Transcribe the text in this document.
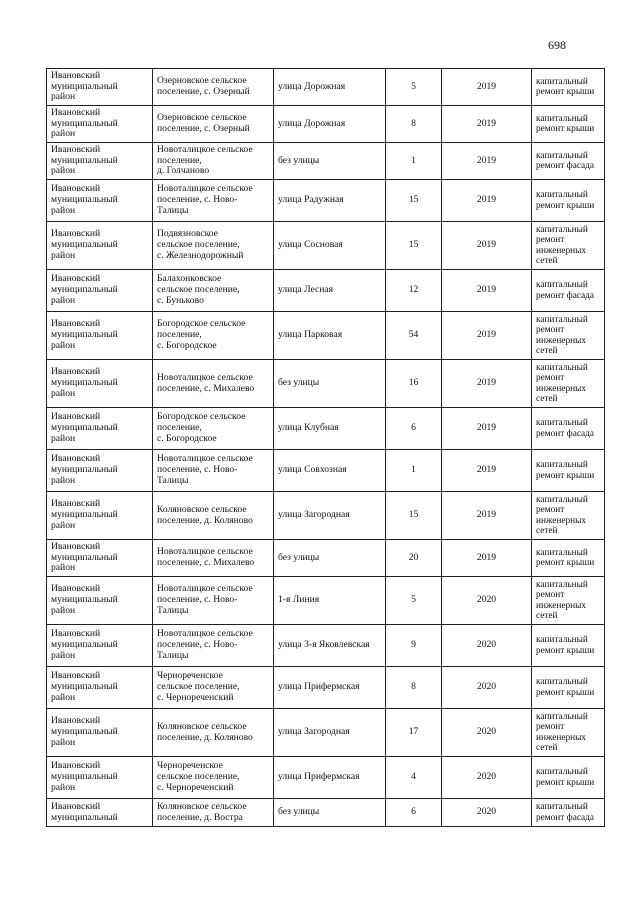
698
Ивановский
муниципальный
район	Озерновское сельское
поселение, с. Озерный	улица Дорожная	5	2019	капитальный
ремонт крыши

Ивановский
муниципальный
район	Озерновское сельское
поселение, с. Озерный	улица Дорожная	8	2019	капитальный
ремонт крыши

Ивановский
муниципальный
район	Новоталицкое сельское
поселение,
д. Голчаново	без улицы	1	2019	капитальный
ремонт фасада

Ивановский
муниципальный
район	Новоталицкое сельское
поселение, с. Ново-
Талицы	улица Радужная	15	2019	капитальный
ремонт крыши

Ивановский
муниципальный
район	Подвязновское
сельское поселение,
с. Железнодорожный	улица Сосновая	15	2019	капитальный
ремонт
инженерных
сетей

Ивановский
муниципальный
район	Балахонковское
сельское поселение,
с. Буньково	улица Лесная	12	2019	капитальный
ремонт фасада

Ивановский
муниципальный
район	Богородское сельское
поселение,
с. Богородское	улица Парковая	54	2019	капитальный
ремонт
инженерных
сетей

Ивановский
муниципальный
район	Новоталицкое сельское
поселение, с. Михалево	без улицы	16	2019	капитальный
ремонт
инженерных
сетей

Ивановский
муниципальный
район	Богородское сельское
поселение,
с. Богородское	улица Клубная	6	2019	капитальный
ремонт фасада

Ивановский
муниципальный
район	Новоталицкое сельское
поселение, с. Ново-
Талицы	улица Совхозная	1	2019	капитальный
ремонт крыши

Ивановский
муниципальный
район	Коляновское сельское
поселение, д. Коляново	улица Загородная	15	2019	капитальный
ремонт
инженерных
сетей

Ивановский
муниципальный
район	Новоталицкое сельское
поселение, с. Михалево	без улицы	20	2019	капитальный
ремонт крыши

Ивановский
муниципальный
район	Новоталицкое сельское
поселение, с. Ново-
Талицы	1-я Линия	5	2020	капитальный
ремонт
инженерных
сетей

Ивановский
муниципальный
район	Новоталицкое сельское
поселение, с. Ново-
Талицы	улица 3-я Яковлевская	9	2020	капитальный
ремонт крыши

Ивановский
муниципальный
район	Чернореченское
сельское поселение,
с. Чернореченский	улица Прифермская	8	2020	капитальный
ремонт крыши

Ивановский
муниципальный
район	Коляновское сельское
поселение, д. Коляново	улица Загородная	17	2020	капитальный
ремонт
инженерных
сетей

Ивановский
муниципальный
район	Чернореченское
сельское поселение,
с. Чернореченский	улица Прифермская	4	2020	капитальный
ремонт крыши

Ивановский
муниципальный	Коляновское сельское
поселение, д. Востра	без улицы	6	2020	капитальный
ремонт фасада
